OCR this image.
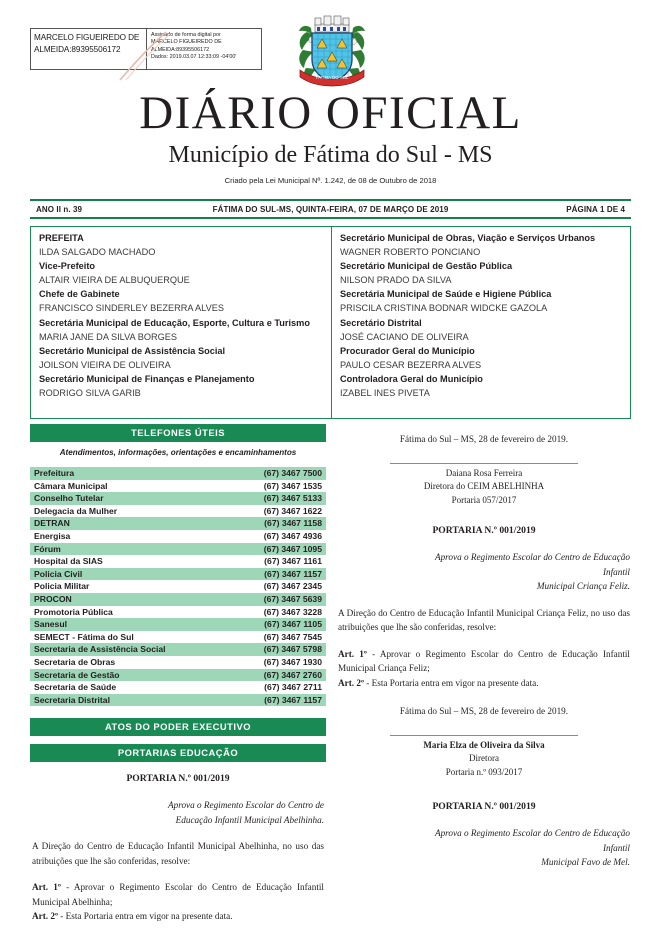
MARCELO FIGUEIREDO DE
ALMEIDA:89395506172
Assinado de forma digital por
MARCELO FIGUEIREDO DE
ALMEIDA:89395506172
Dados: 2019.03.07 12:33:09 -04'00'
FATIMA DO SUL
DIÁRIO OFICIAL
Município de Fátima do Sul - MS
Criado pela Lei Municipal Nº. 1.242, de 08 de Outubro de 2018
ANO II n. 39	FÁTIMA DO SUL-MS, QUINTA-FEIRA, 07 DE MARÇO DE 2019	PÁGINA 1 DE 4
PREFEITA
ILDA SALGADO MACHADO
Vice-Prefeito
ALTAIR VIEIRA DE ALBUQUERQUE
Chefe de Gabinete
FRANCISCO SINDERLEY BEZERRA ALVES
Secretária Municipal de Educação, Esporte, Cultura e Turismo
MARIA JANE DA SILVA BORGES
Secretário Municipal de Assistência Social
JOILSON VIEIRA DE OLIVEIRA
Secretário Municipal de Finanças e Planejamento
RODRIGO SILVA GARIB
Secretário Municipal de Obras, Viação e Serviços Urbanos
WAGNER ROBERTO PONCIANO
Secretário Municipal de Gestão Pública
NILSON PRADO DA SILVA
Secretária Municipal de Saúde e Higiene Pública
PRISCILA CRISTINA BODNAR WIDCKE GAZOLA
Secretário Distrital
JOSÉ CACIANO DE OLIVEIRA
Procurador Geral do Município
PAULO CESAR BEZERRA ALVES
Controladora Geral do Município
IZABEL INES PIVETA
TELEFONES ÚTEIS
Atendimentos, informações, orientações e encaminhamentos
Prefeitura	(67) 3467 7500
Câmara Municipal	(67) 3467 1535
Conselho Tutelar	(67) 3467 5133
Delegacia da Mulher	(67) 3467 1622
DETRAN	(67) 3467 1158
Energisa	(67) 3467 4936
Fórum	(67) 3467 1095
Hospital da SIAS	(67) 3467 1161
Policia Civil	(67) 3467 1157
Policia Militar	(67) 3467 2345
PROCON	(67) 3467 5639
Promotoria Pública	(67) 3467 3228
Sanesul	(67) 3467 1105
SEMECT - Fátima do Sul	(67) 3467 7545
Secretaria de Assistência Social	(67) 3467 5798
Secretaria de Obras	(67) 3467 1930
Secretaria de Gestão	(67) 3467 2760
Secretaria de Saúde	(67) 3467 2711
Secretaria Distrital	(67) 3467 1157
ATOS DO PODER EXECUTIVO
PORTARIAS EDUCAÇÃO
PORTARIA N.º 001/2019
Aprova o Regimento Escolar do Centro de
Educação Infantil Municipal Abelhinha.
A Direção do Centro de Educação Infantil Municipal Abelhinha, no uso das atribuições que lhe são conferidas, resolve:
Art. 1º - Aprovar o Regimento Escolar do Centro de Educação Infantil Municipal Abelhinha;
Art. 2º - Esta Portaria entra em vigor na presente data.
Fátima do Sul – MS, 28 de fevereiro de 2019.
Daiana Rosa Ferreira
Diretora do CEIM ABELHINHA
Portaria 057/2017
PORTARIA N.º 001/2019
Aprova o Regimento Escolar do Centro de Educação Infantil
Municipal Criança Feliz.
A Direção do Centro de Educação Infantil Municipal Criança Feliz, no uso das atribuições que lhe são conferidas, resolve:
Art. 1º - Aprovar o Regimento Escolar do Centro de Educação Infantil Municipal Criança Feliz;
Art. 2º - Esta Portaria entra em vigor na presente data.
Fátima do Sul – MS, 28 de fevereiro de 2019.
Maria Elza de Oliveira da Silva
Diretora
Portaria n.º 093/2017
PORTARIA N.º 001/2019
Aprova o Regimento Escolar do Centro de Educação Infantil
Municipal Favo de Mel.
